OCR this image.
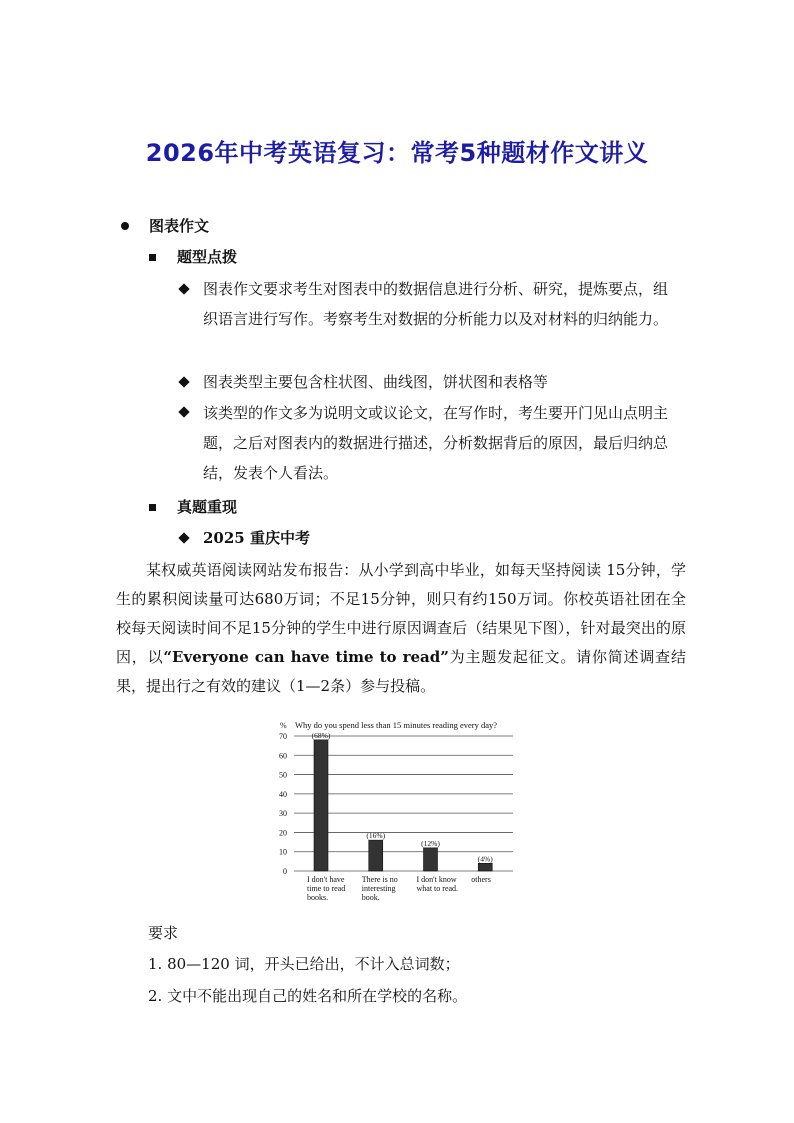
2026年中考英语复习：常考5种题材作文讲义
图表作文
题型点拨
图表作文要求考生对图表中的数据信息进行分析、研究，提炼要点，组织语言进行写作。考察考生对数据的分析能力以及对材料的归纳能力。
图表类型主要包含柱状图、曲线图，饼状图和表格等
该类型的作文多为说明文或议论文，在写作时，考生要开门见山点明主题，之后对图表内的数据进行描述，分析数据背后的原因，最后归纳总结，发表个人看法。
真题重现
2025 重庆中考
某权威英语阅读网站发布报告：从小学到高中毕业，如每天坚持阅读 15分钟，学生的累积阅读量可达680万词；不足15分钟，则只有约150万词。你校英语社团在全校每天阅读时间不足15分钟的学生中进行原因调查后（结果见下图），针对最突出的原因，以“Everyone can have time to read”为主题发起征文。请你简述调查结果，提出行之有效的建议（1—2条）参与投稿。
% Why do you spend less than 15 minutes reading every day?
0
10
20
30
40
50
60
70	(68%)
I don't have
time to read
books.
(16%)
There is no
interesting
book.
(12%)
I don't know
what to read.
(4%)
others
要求
1. 80—120 词，开头已给出，不计入总词数；
2. 文中不能出现自己的姓名和所在学校的名称。
